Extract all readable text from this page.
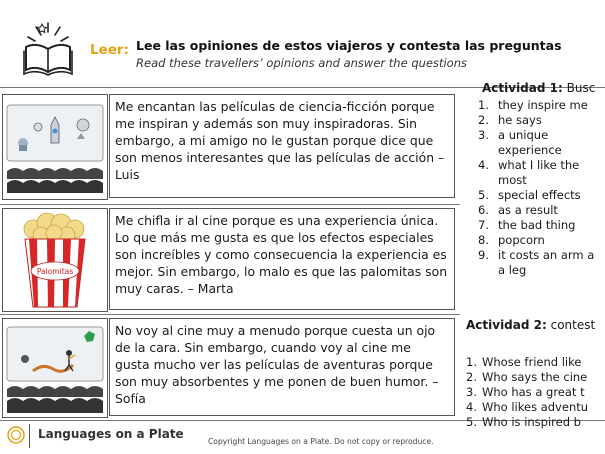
Leer: Lee las opiniones de estos viajeros y contesta las preguntas
Read these travellers’ opinions and answer the questions
Me encantan las películas de ciencia-ficción porque me inspiran y además son muy inspiradoras. Sin embargo, a mi amigo no le gustan porque dice que son menos interesantes que las películas de acción – Luis
Palomitas
Me chifla ir al cine porque es una experiencia única. Lo que más me gusta es que los efectos especiales son increíbles y como consecuencia la experiencia es mejor. Sin embargo, lo malo es que las palomitas son muy caras. – Marta
No voy al cine muy a menudo porque cuesta un ojo de la cara. Sin embargo, cuando voy al cine me gusta mucho ver las películas de aventuras porque son muy absorbentes y me ponen de buen humor. – Sofía
Actividad 1: Busc
1. they inspire me
2. he says
3. a unique
experience
4. what I like the
most
5. special effects
6. as a result
7. the bad thing
8. popcorn
9. it costs an arm a
a leg
Actividad 2: contest
1. Whose friend like
2. Who says the cine
3. Who has a great t
4. Who likes adventu
5. Who is inspired b
Languages on a Plate
Copyright Languages on a Plate. Do not copy or reproduce.
